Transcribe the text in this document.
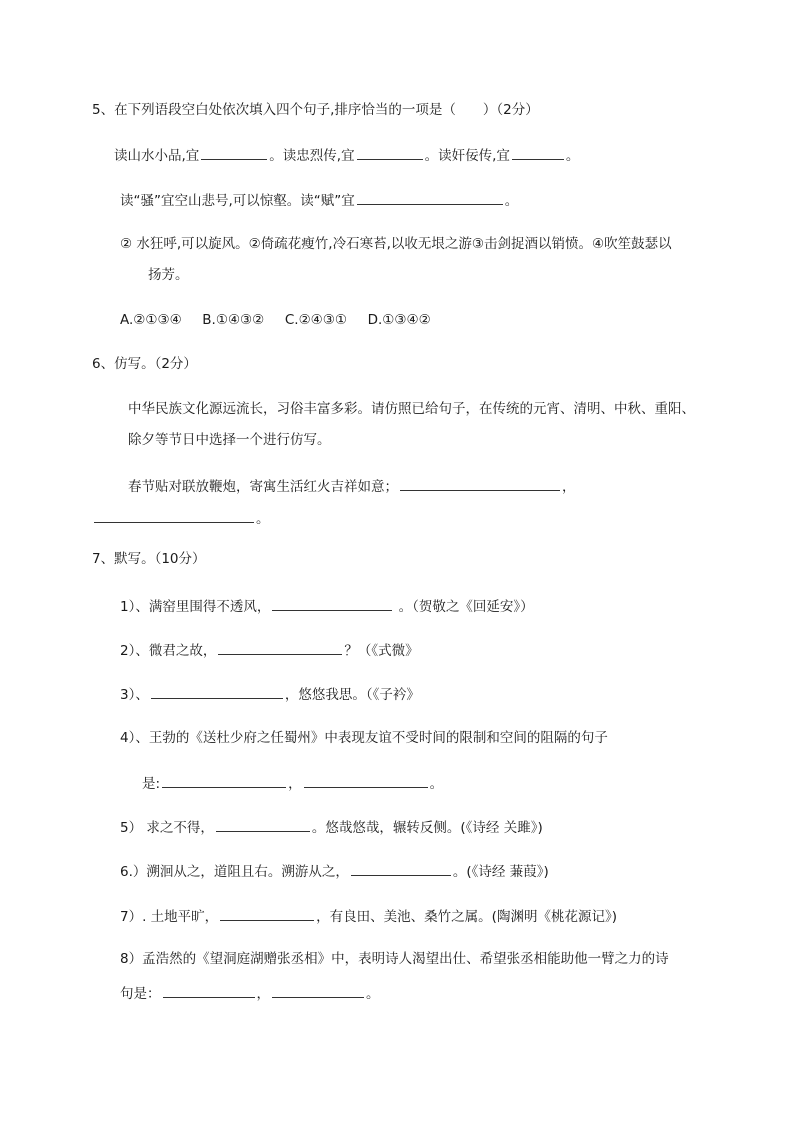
5、在下列语段空白处依次填入四个句子,排序恰当的一项是（　　）（2分）
读山水小品,宜	。读忠烈传,宜	。读奸佞传,宜	。
读“骚”宜空山悲号,可以惊壑。读“赋”宜	。
② 水狂呼,可以旋风。②倚疏花瘦竹,冷石寒苔,以收无垠之游③击剑捉酒以销愤。④吹笙鼓瑟以
扬芳。
A.②①③④ B.①④③② C.②④③① D.①③④②
6、仿写。（2分）
中华民族文化源远流长，习俗丰富多彩。请仿照已给句子，在传统的元宵、清明、中秋、重阳、
除夕等节日中选择一个进行仿写。
春节贴对联放鞭炮，寄寓生活红火吉祥如意；	，
。
7、默写。（10分）
1）、满窑里围得不透风，	。（贺敬之《回延安》）
2）、微君之故，	？（《式微》
3）、	，悠悠我思。（《子衿》
4）、王勃的《送杜少府之任蜀州》中表现友谊不受时间的限制和空间的阻隔的句子
是:	，	。
5） 求之不得，	。悠哉悠哉，辗转反侧。(《诗经 关雎》)
6.）溯洄从之，道阻且右。溯游从之，	。(《诗经 蒹葭》)
7）. 土地平旷，	，有良田、美池、桑竹之属。(陶渊明《桃花源记》)
8）孟浩然的《望洞庭湖赠张丞相》中，表明诗人渴望出仕、希望张丞相能助他一臂之力的诗
句是：	，	。
